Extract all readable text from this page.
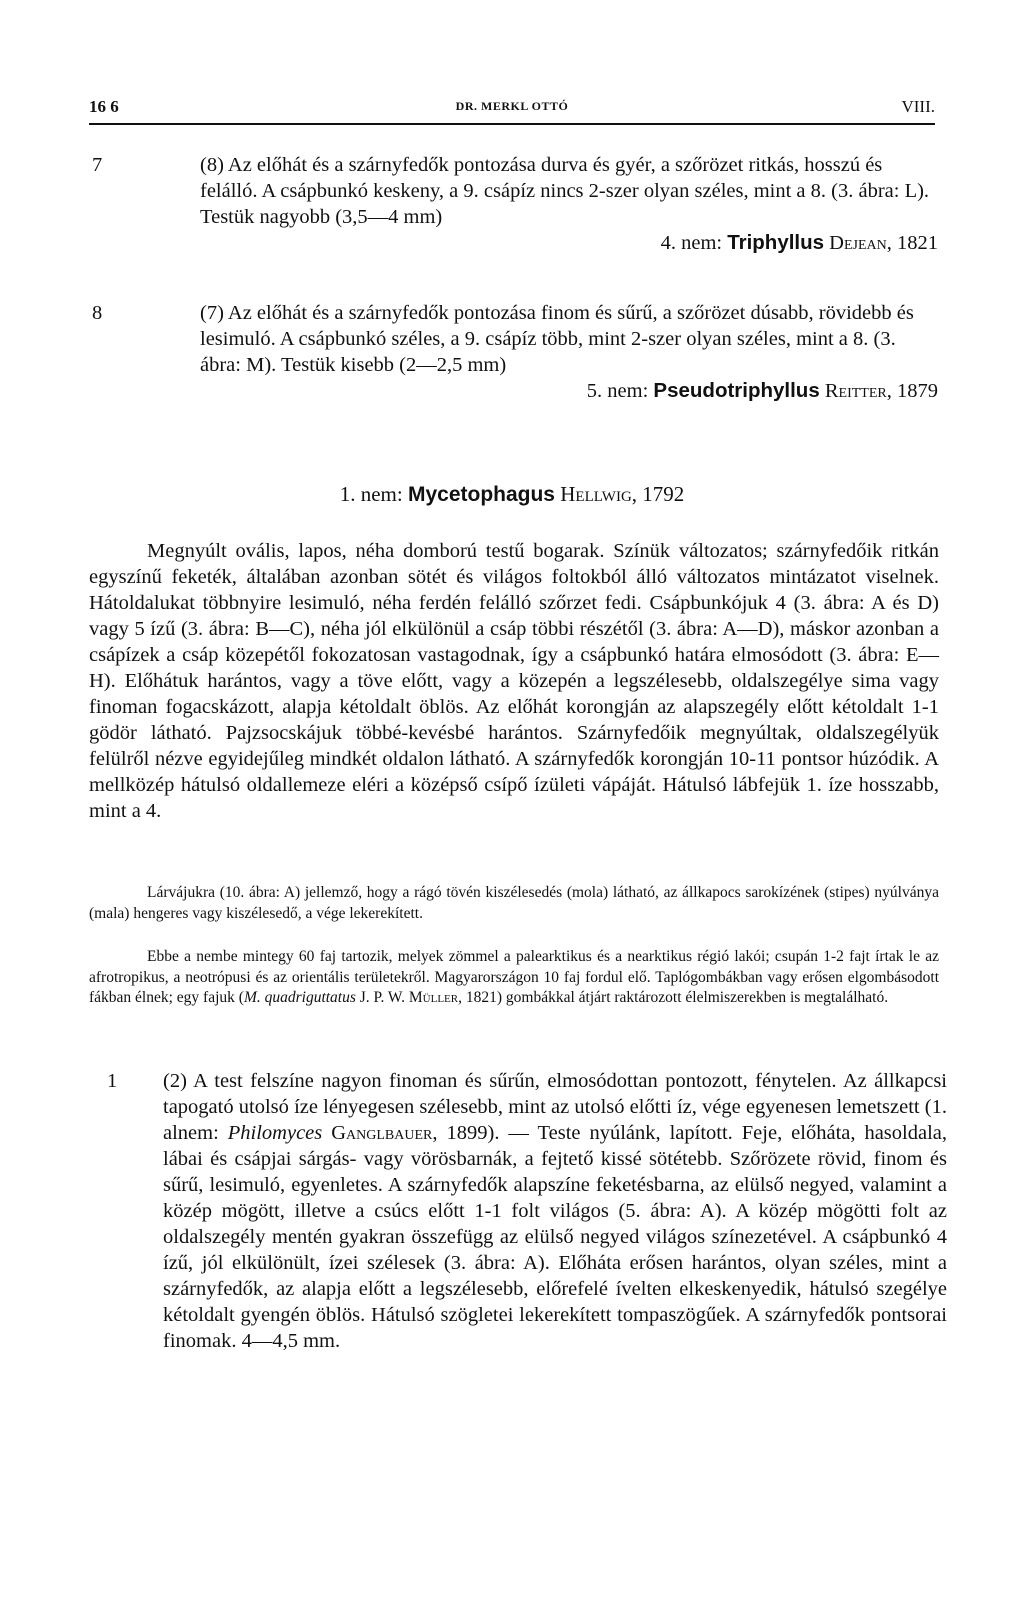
16 6	DR. MERKL OTTÓ	VIII.
7	(8) Az előhát és a szárnyfedők pontozása durva és gyér, a szőrözet ritkás, hosszú és felálló. A csápbunkó keskeny, a 9. csápíz nincs 2-szer olyan széles, mint a 8. (3. ábra: L). Testük nagyobb (3,5—4 mm)
4. nem: Triphyllus Dejean, 1821
8	(7) Az előhát és a szárnyfedők pontozása finom és sűrű, a szőrözet dúsabb, rövidebb és lesimuló. A csápbunkó széles, a 9. csápíz több, mint 2-szer olyan széles, mint a 8. (3. ábra: M). Testük kisebb (2—2,5 mm)
5. nem: Pseudotriphyllus Reitter, 1879
1. nem: Mycetophagus Hellwig, 1792
Megnyúlt ovális, lapos, néha domború testű bogarak. Színük változatos; szárnyfedőik ritkán egyszínű feketék, általában azonban sötét és világos foltokból álló változatos mintázatot viselnek. Hátoldalukat többnyire lesimuló, néha ferdén felálló szőrzet fedi. Csápbunkójuk 4 (3. ábra: A és D) vagy 5 ízű (3. ábra: B—C), néha jól elkülönül a csáp többi részétől (3. ábra: A—D), máskor azonban a csápízek a csáp közepétől fokozatosan vastagodnak, így a csápbunkó határa elmosódott (3. ábra: E—H). Előhátuk harántos, vagy a töve előtt, vagy a közepén a legszélesebb, oldalszegélye sima vagy finoman fogacskázott, alapja kétoldalt öblös. Az előhát korongján az alapszegély előtt kétoldalt 1-1 gödör látható. Pajzsocskájuk többé-kevésbé harántos. Szárnyfedőik megnyúltak, oldalszegélyük felülről nézve egyidejűleg mindkét oldalon látható. A szárnyfedők korongján 10-11 pontsor húzódik. A mellközép hátulsó oldallemeze eléri a középső csípő ízületi vápáját. Hátulsó lábfejük 1. íze hosszabb, mint a 4.
Lárvájukra (10. ábra: A) jellemző, hogy a rágó tövén kiszélesedés (mola) látható, az állkapocs sarokízének (stipes) nyúlványa (mala) hengeres vagy kiszélesedő, a vége lekerekített.
Ebbe a nembe mintegy 60 faj tartozik, melyek zömmel a palearktikus és a nearktikus régió lakói; csupán 1-2 fajt írtak le az afrotropikus, a neotrópusi és az orientális területekről. Magyarországon 10 faj fordul elő. Taplógombákban vagy erősen elgombásodott fákban élnek; egy fajuk (M. quadriguttatus J. P. W. Müller, 1821) gombákkal átjárt raktározott élelmiszerekben is megtalálható.
1 (2) A test felszíne nagyon finoman és sűrűn, elmosódottan pontozott, fénytelen. Az állkapcsi tapogató utolsó íze lényegesen szélesebb, mint az utolsó előtti íz, vége egyenesen lemetszett (1. alnem: Philomyces Ganglbauer, 1899). — Teste nyúlánk, lapított. Feje, előháta, hasoldala, lábai és csápjai sárgás- vagy vörösbarnák, a fejtető kissé sötétebb. Szőrözete rövid, finom és sűrű, lesimuló, egyenletes. A szárnyfedők alapszíne feketésbarna, az elülső negyed, valamint a közép mögött, illetve a csúcs előtt 1-1 folt világos (5. ábra: A). A közép mögötti folt az oldalszegély mentén gyakran összefügg az elülső negyed világos színezetével. A csápbunkó 4 ízű, jól elkülönült, ízei szélesek (3. ábra: A). Előháta erősen harántos, olyan széles, mint a szárnyfedők, az alapja előtt a legszélesebb, előrefelé ívelten elkeskenyedik, hátulsó szegélye kétoldalt gyengén öblös. Hátulsó szögletei lekerekített tompaszögűek. A szárnyfedők pontsorai finomak. 4—4,5 mm.
